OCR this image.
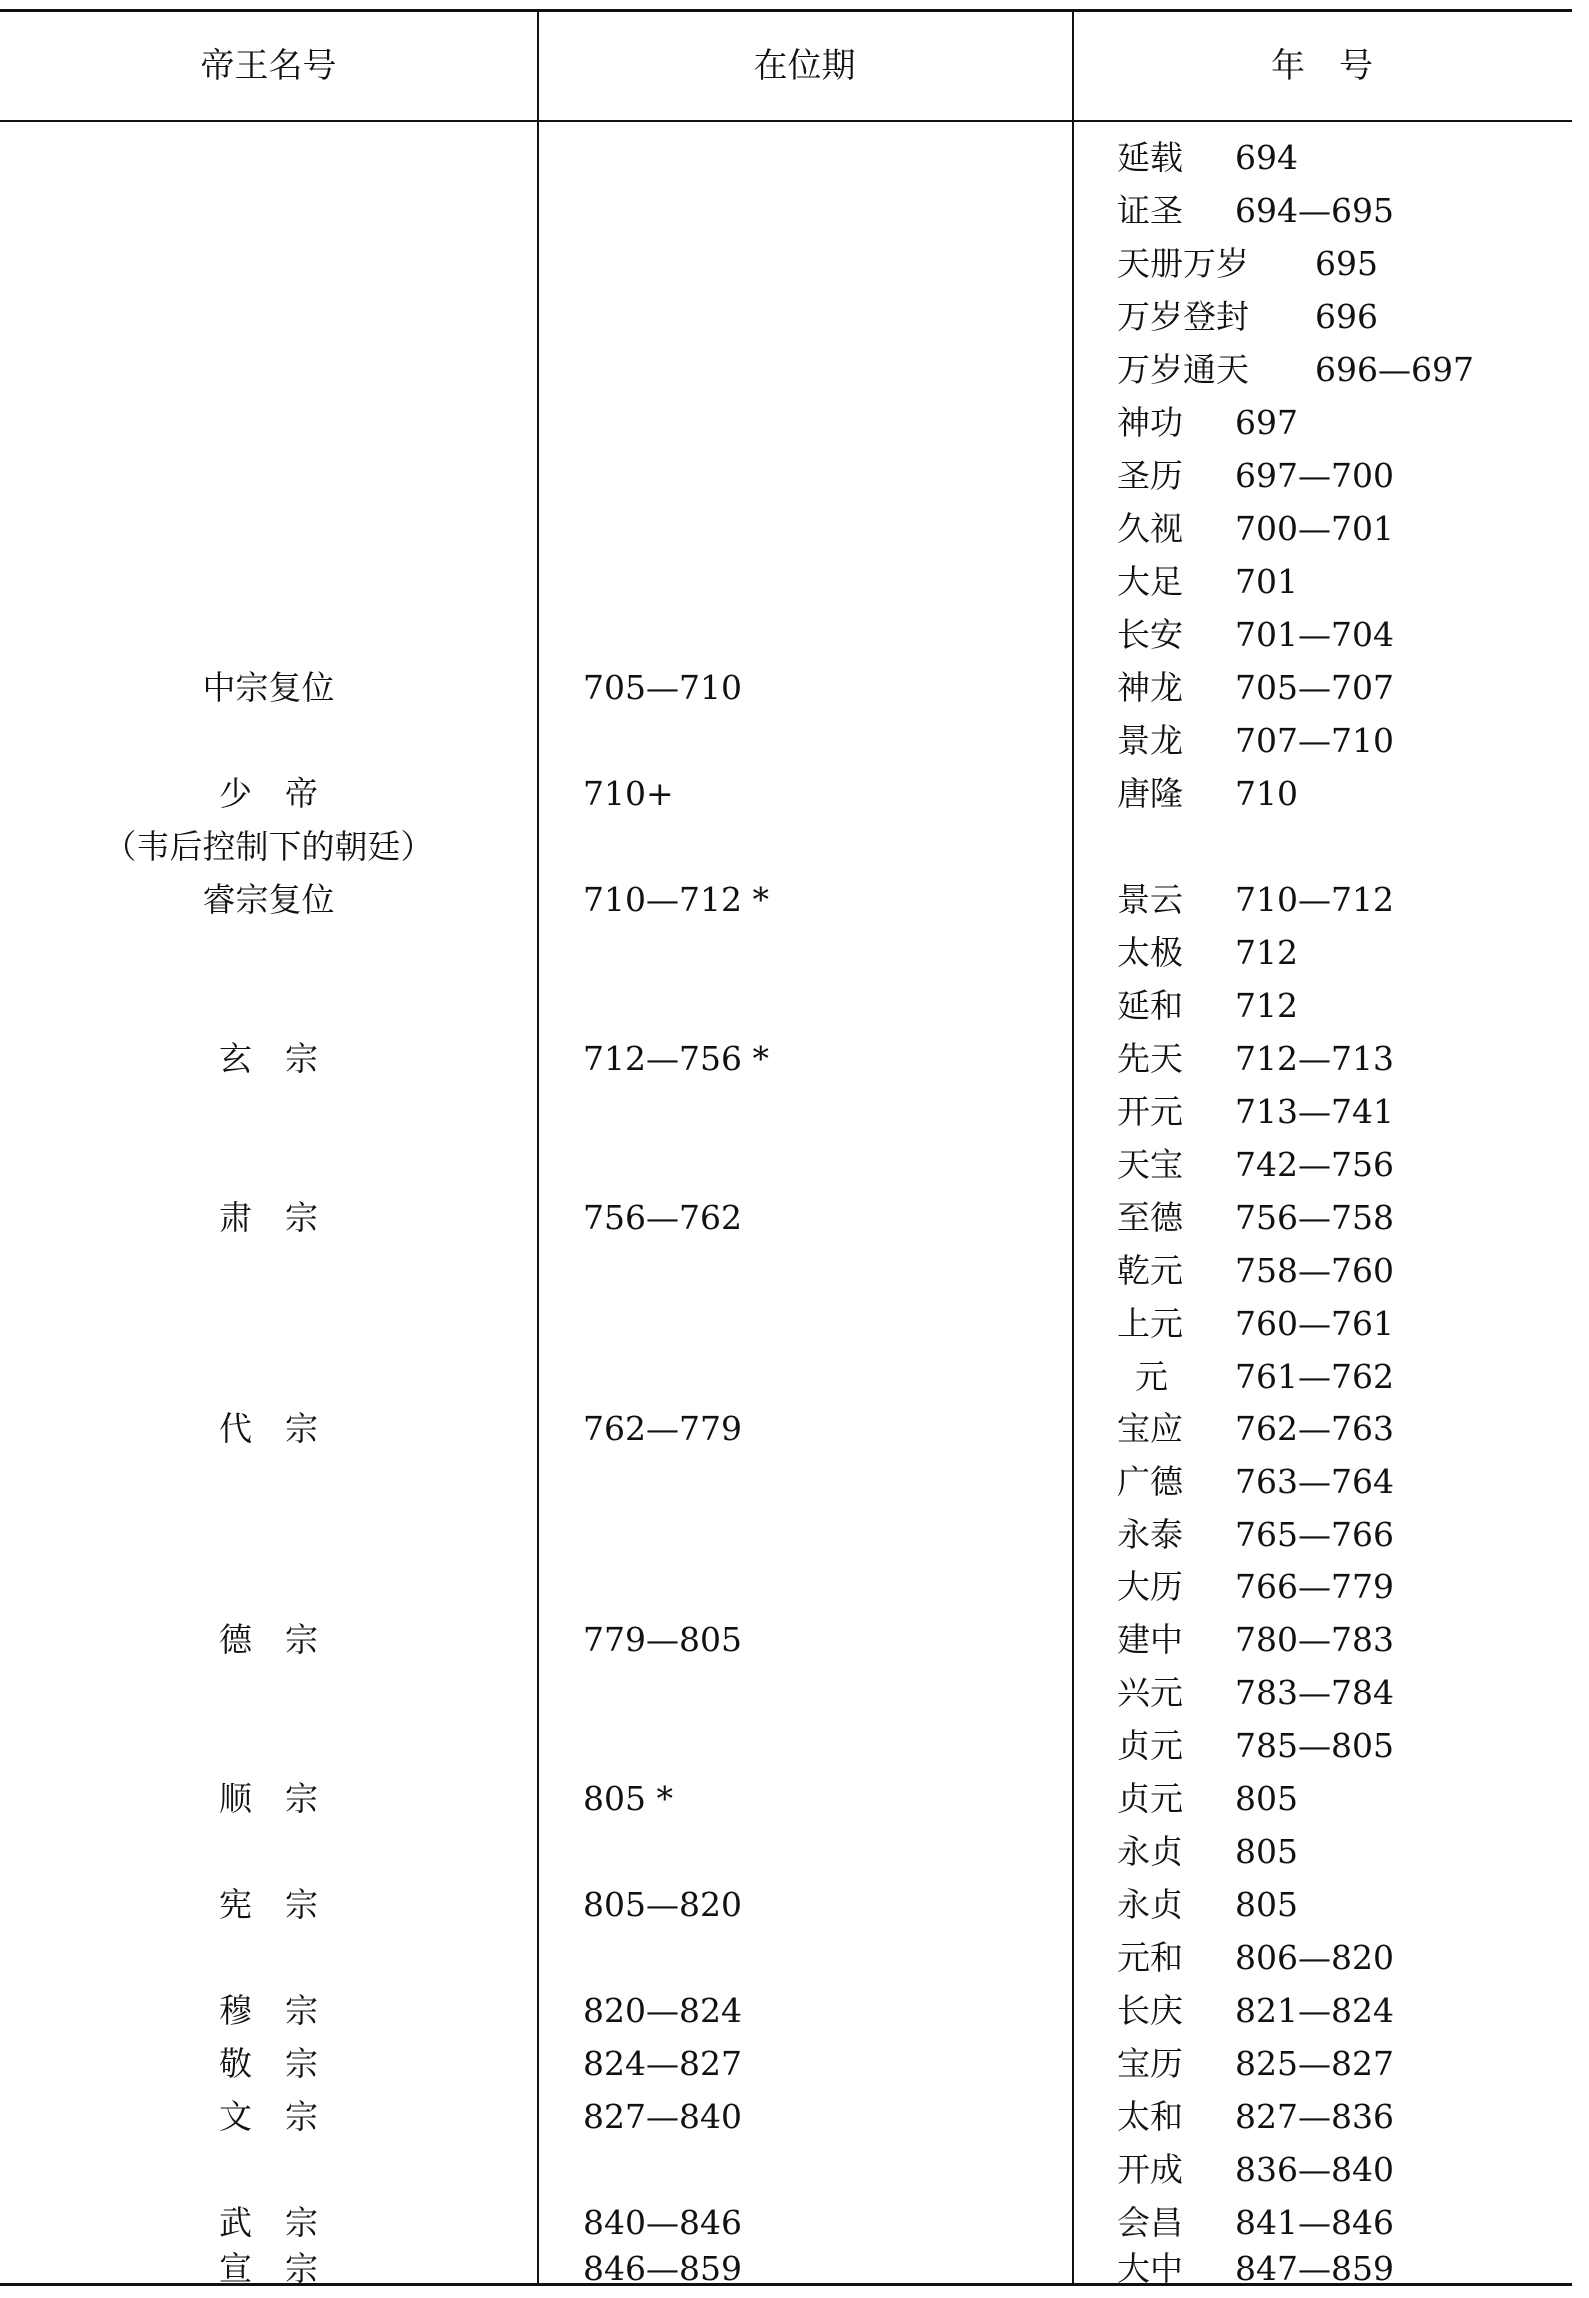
帝王名号	在位期	年　号
中宗复位
少　帝
（韦后控制下的朝廷）
睿宗复位
玄　宗
肃　宗
代　宗
德　宗
顺　宗
宪　宗
穆　宗
敬　宗
文　宗
武　宗
宣　宗
705—710
710+
710—712 *
712—756 *
756—762
762—779
779—805
805 *
805—820
820—824
824—827
827—840
840—846
846—859
延载 694
证圣 694—695
天册万岁 695
万岁登封 696
万岁通天 696—697
神功 697
圣历 697—700
久视 700—701
大足 701
长安 701—704
神龙 705—707
景龙 707—710
唐隆 710
景云 710—712
太极 712
延和 712
先天 712—713
开元 713—741
天宝 742—756
至德 756—758
乾元 758—760
上元 760—761
元 761—762
宝应 762—763
广德 763—764
永泰 765—766
大历 766—779
建中 780—783
兴元 783—784
贞元 785—805
贞元 805
永贞 805
永贞 805
元和 806—820
长庆 821—824
宝历 825—827
太和 827—836
开成 836—840
会昌 841—846
大中 847—859
